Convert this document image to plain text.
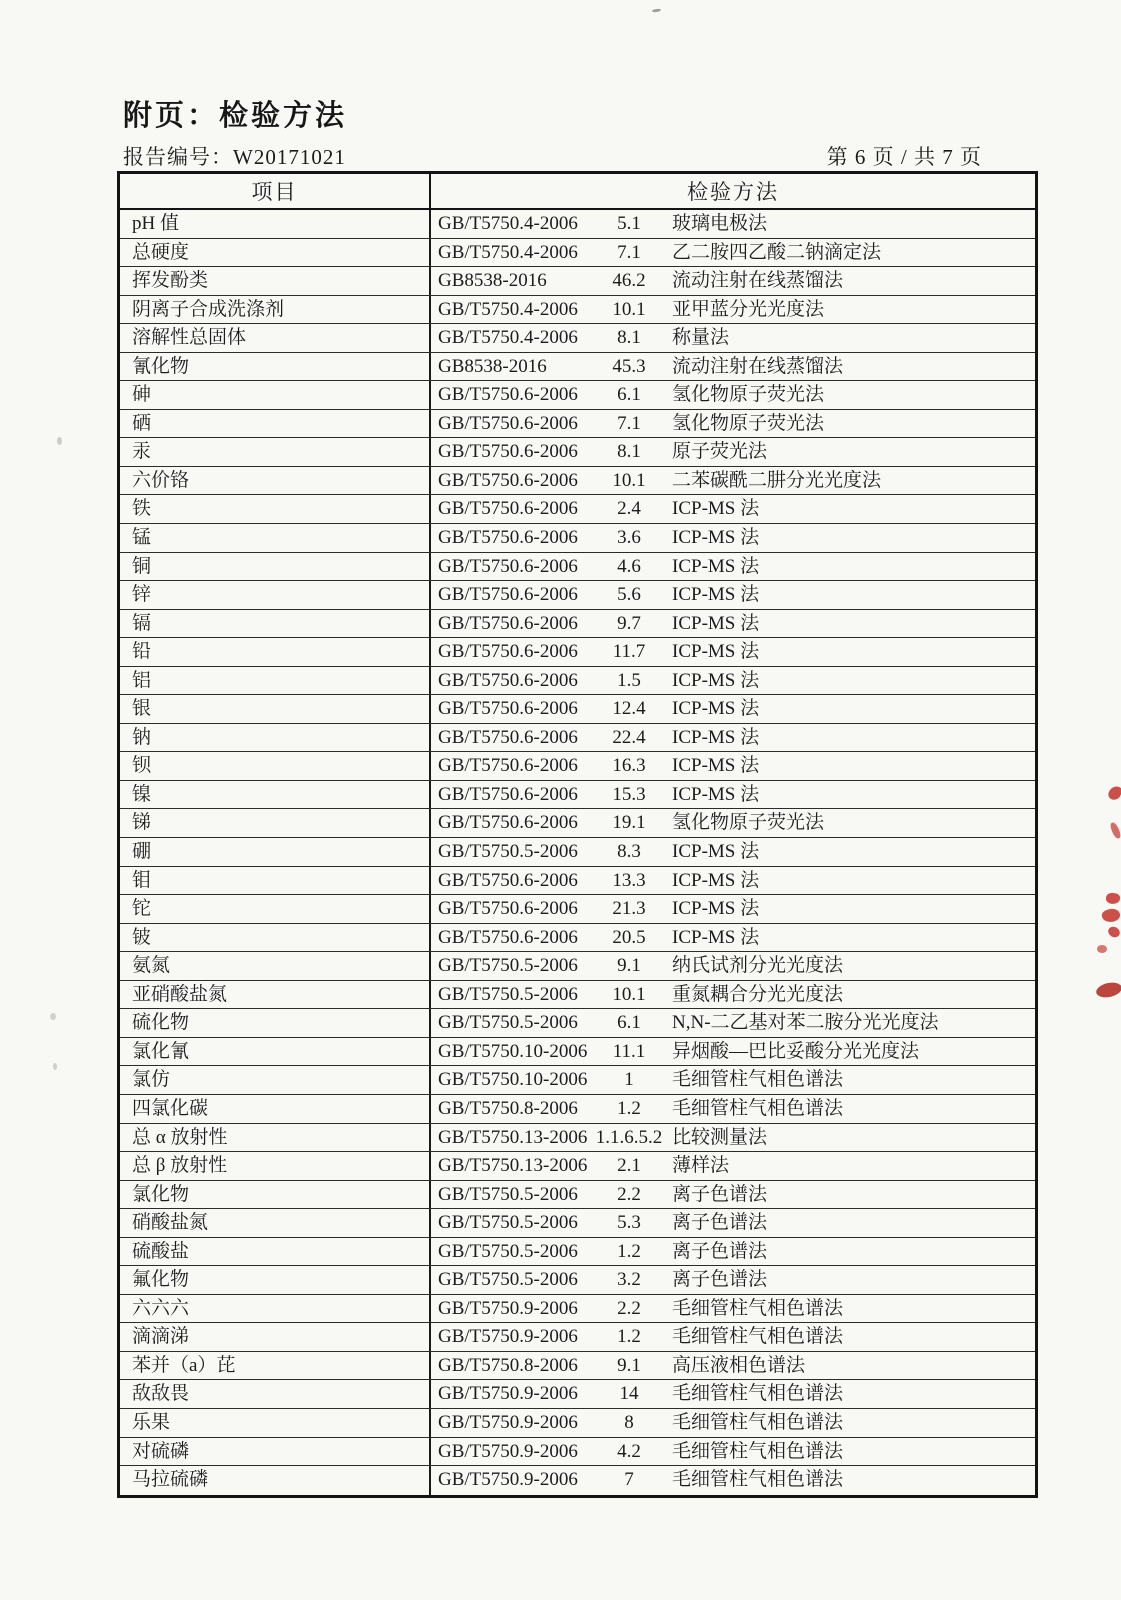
附页：检验方法
报告编号：W20171021	第 6 页 / 共 7 页
项目	检验方法
pH 值	GB/T5750.4-2006	5.1	玻璃电极法
总硬度	GB/T5750.4-2006	7.1	乙二胺四乙酸二钠滴定法
挥发酚类	GB8538-2016	46.2	流动注射在线蒸馏法
阴离子合成洗涤剂	GB/T5750.4-2006	10.1	亚甲蓝分光光度法
溶解性总固体	GB/T5750.4-2006	8.1	称量法
氰化物	GB8538-2016	45.3	流动注射在线蒸馏法
砷	GB/T5750.6-2006	6.1	氢化物原子荧光法
硒	GB/T5750.6-2006	7.1	氢化物原子荧光法
汞	GB/T5750.6-2006	8.1	原子荧光法
六价铬	GB/T5750.6-2006	10.1	二苯碳酰二肼分光光度法
铁	GB/T5750.6-2006	2.4	ICP-MS 法
锰	GB/T5750.6-2006	3.6	ICP-MS 法
铜	GB/T5750.6-2006	4.6	ICP-MS 法
锌	GB/T5750.6-2006	5.6	ICP-MS 法
镉	GB/T5750.6-2006	9.7	ICP-MS 法
铅	GB/T5750.6-2006	11.7	ICP-MS 法
铝	GB/T5750.6-2006	1.5	ICP-MS 法
银	GB/T5750.6-2006	12.4	ICP-MS 法
钠	GB/T5750.6-2006	22.4	ICP-MS 法
钡	GB/T5750.6-2006	16.3	ICP-MS 法
镍	GB/T5750.6-2006	15.3	ICP-MS 法
锑	GB/T5750.6-2006	19.1	氢化物原子荧光法
硼	GB/T5750.5-2006	8.3	ICP-MS 法
钼	GB/T5750.6-2006	13.3	ICP-MS 法
铊	GB/T5750.6-2006	21.3	ICP-MS 法
铍	GB/T5750.6-2006	20.5	ICP-MS 法
氨氮	GB/T5750.5-2006	9.1	纳氏试剂分光光度法
亚硝酸盐氮	GB/T5750.5-2006	10.1	重氮耦合分光光度法
硫化物	GB/T5750.5-2006	6.1	N,N-二乙基对苯二胺分光光度法
氯化氰	GB/T5750.10-2006	11.1	异烟酸—巴比妥酸分光光度法
氯仿	GB/T5750.10-2006	1	毛细管柱气相色谱法
四氯化碳	GB/T5750.8-2006	1.2	毛细管柱气相色谱法
总 α 放射性	GB/T5750.13-2006 1.1.6.5.2 比较测量法
总 β 放射性	GB/T5750.13-2006	2.1	薄样法
氯化物	GB/T5750.5-2006	2.2	离子色谱法
硝酸盐氮	GB/T5750.5-2006	5.3	离子色谱法
硫酸盐	GB/T5750.5-2006	1.2	离子色谱法
氟化物	GB/T5750.5-2006	3.2	离子色谱法
六六六	GB/T5750.9-2006	2.2	毛细管柱气相色谱法
滴滴涕	GB/T5750.9-2006	1.2	毛细管柱气相色谱法
苯并（a）芘	GB/T5750.8-2006	9.1	高压液相色谱法
敌敌畏	GB/T5750.9-2006	14	毛细管柱气相色谱法
乐果	GB/T5750.9-2006	8	毛细管柱气相色谱法
对硫磷	GB/T5750.9-2006	4.2	毛细管柱气相色谱法
马拉硫磷	GB/T5750.9-2006	7	毛细管柱气相色谱法
